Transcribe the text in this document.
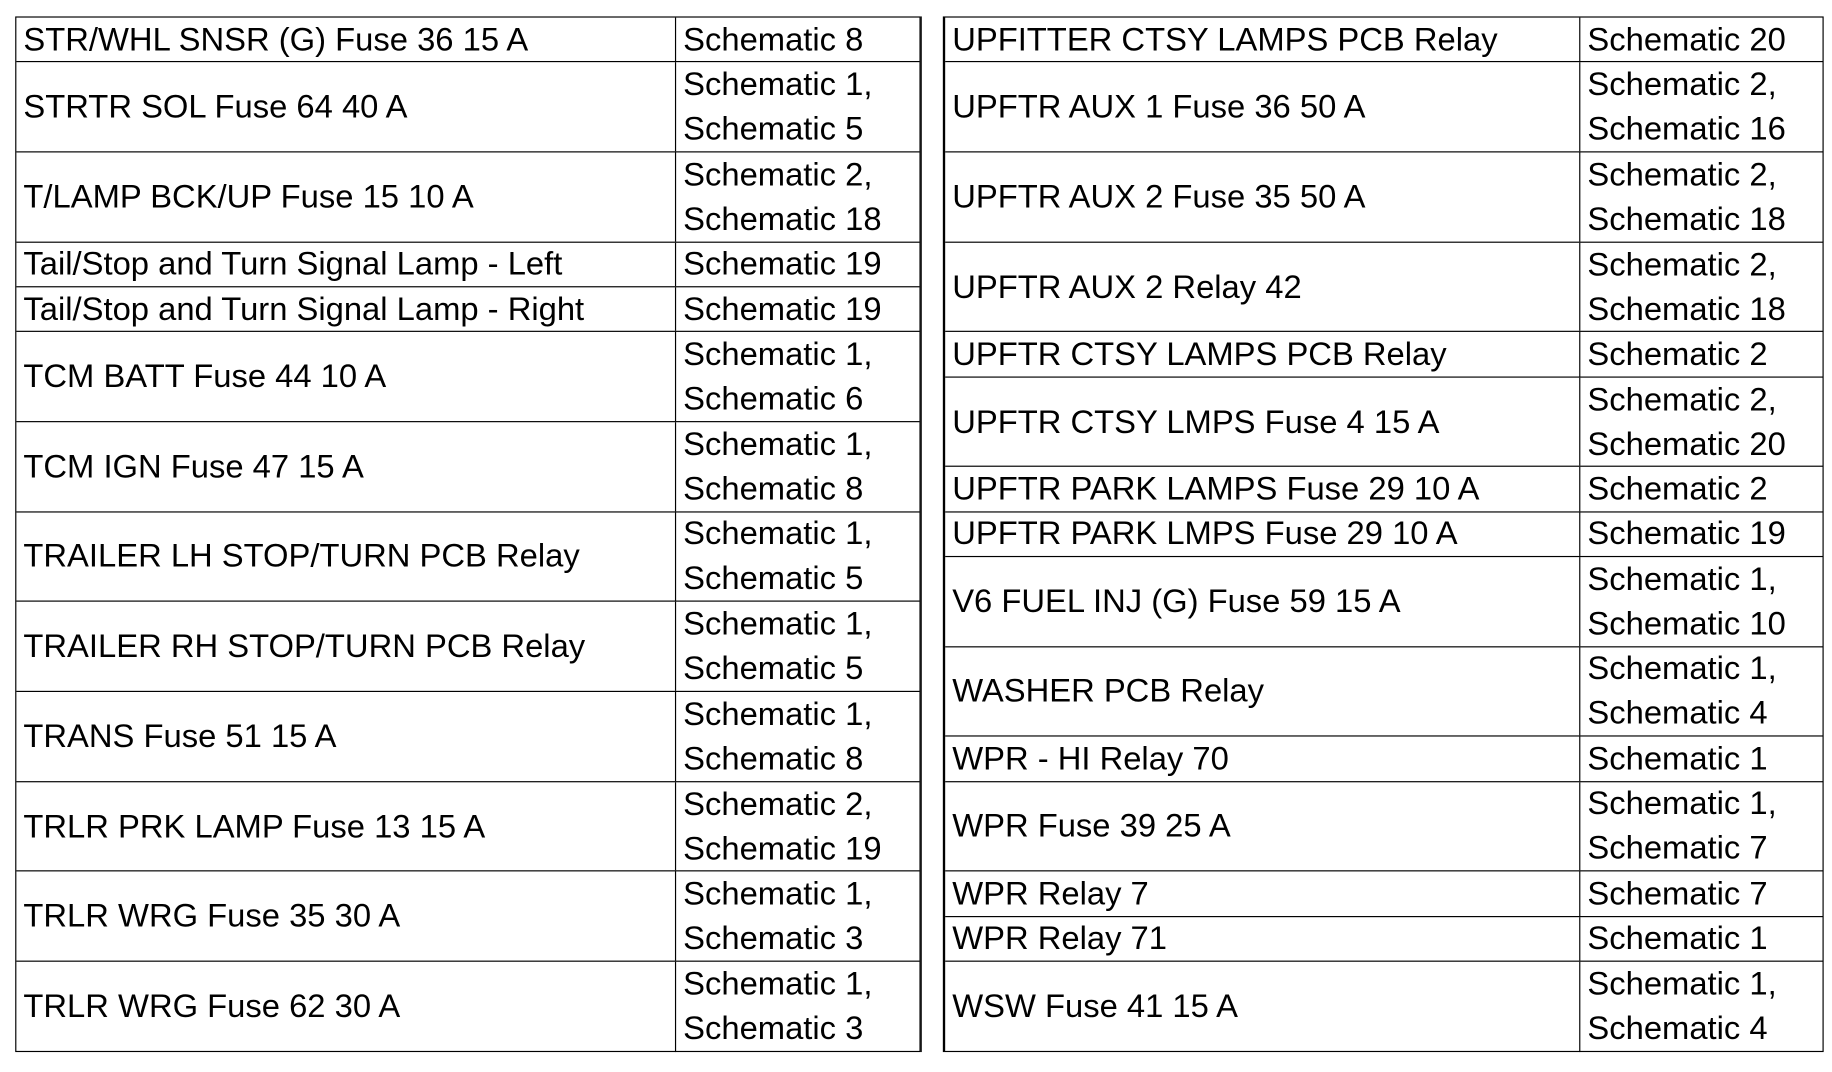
STR/WHL SNSR (G) Fuse 36 15 A	Schematic 8
STRTR SOL Fuse 64 40 A
Schematic 1,
Schematic 5
T/LAMP BCK/UP Fuse 15 10 A
Schematic 2,
Schematic 18
Tail/Stop and Turn Signal Lamp - Left	Schematic 19
Tail/Stop and Turn Signal Lamp - Right	Schematic 19
TCM BATT Fuse 44 10 A
Schematic 1,
Schematic 6
TCM IGN Fuse 47 15 A
Schematic 1,
Schematic 8
TRAILER LH STOP/TURN PCB Relay
Schematic 1,
Schematic 5
TRAILER RH STOP/TURN PCB Relay
Schematic 1,
Schematic 5
TRANS Fuse 51 15 A
Schematic 1,
Schematic 8
TRLR PRK LAMP Fuse 13 15 A
Schematic 2,
Schematic 19
TRLR WRG Fuse 35 30 A
Schematic 1,
Schematic 3
TRLR WRG Fuse 62 30 A
Schematic 1,
Schematic 3
UPFITTER CTSY LAMPS PCB Relay	Schematic 20
UPFTR AUX 1 Fuse 36 50 A
Schematic 2,
Schematic 16
UPFTR AUX 2 Fuse 35 50 A
Schematic 2,
Schematic 18
UPFTR AUX 2 Relay 42
Schematic 2,
Schematic 18
UPFTR CTSY LAMPS PCB Relay	Schematic 2
UPFTR CTSY LMPS Fuse 4 15 A
Schematic 2,
Schematic 20
UPFTR PARK LAMPS Fuse 29 10 A	Schematic 2
UPFTR PARK LMPS Fuse 29 10 A	Schematic 19
V6 FUEL INJ (G) Fuse 59 15 A
Schematic 1,
Schematic 10
WASHER PCB Relay
Schematic 1,
Schematic 4
WPR - HI Relay 70	Schematic 1
WPR Fuse 39 25 A
Schematic 1,
Schematic 7
WPR Relay 7	Schematic 7
WPR Relay 71	Schematic 1
WSW Fuse 41 15 A
Schematic 1,
Schematic 4
